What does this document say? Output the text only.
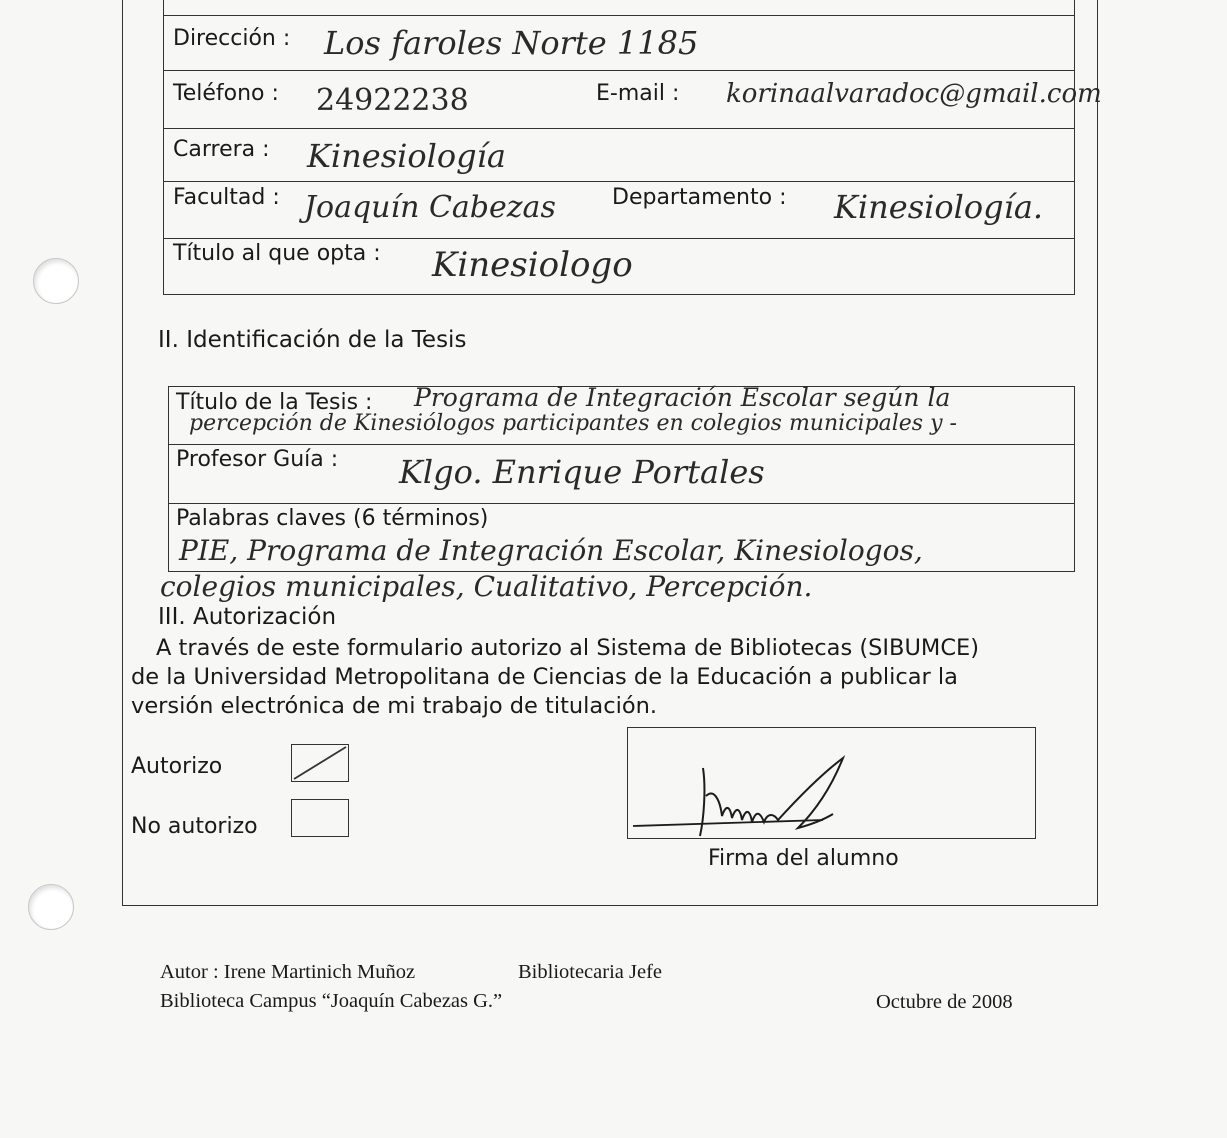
Dirección : Los faroles Norte 1185

Teléfono : 24922238	E-mail : korinaalvaradoc@gmail.com

Carrera : Kinesiología

Facultad : Joaquín Cabezas	Departamento : Kinesiología.

Título al que opta : Kinesiologo
II. Identificación de la Tesis
Título de la Tesis : Programa de Integración Escolar según la
percepción de Kinesiólogos participantes en colegios municipales y -

Profesor Guía : Klgo. Enrique Portales

Palabras claves (6 términos)
PIE, Programa de Integración Escolar, Kinesiologos,
colegios municipales, Cualitativo, Percepción.
III. Autorización
A través de este formulario autorizo al Sistema de Bibliotecas (SIBUMCE)
de la Universidad Metropolitana de Ciencias de la Educación a publicar la
versión electrónica de mi trabajo de titulación.
Autorizo
No autorizo
Firma del alumno
Autor : Irene Martinich Muñoz	Bibliotecaria Jefe
Biblioteca Campus “Joaquín Cabezas G.”	Octubre de 2008
